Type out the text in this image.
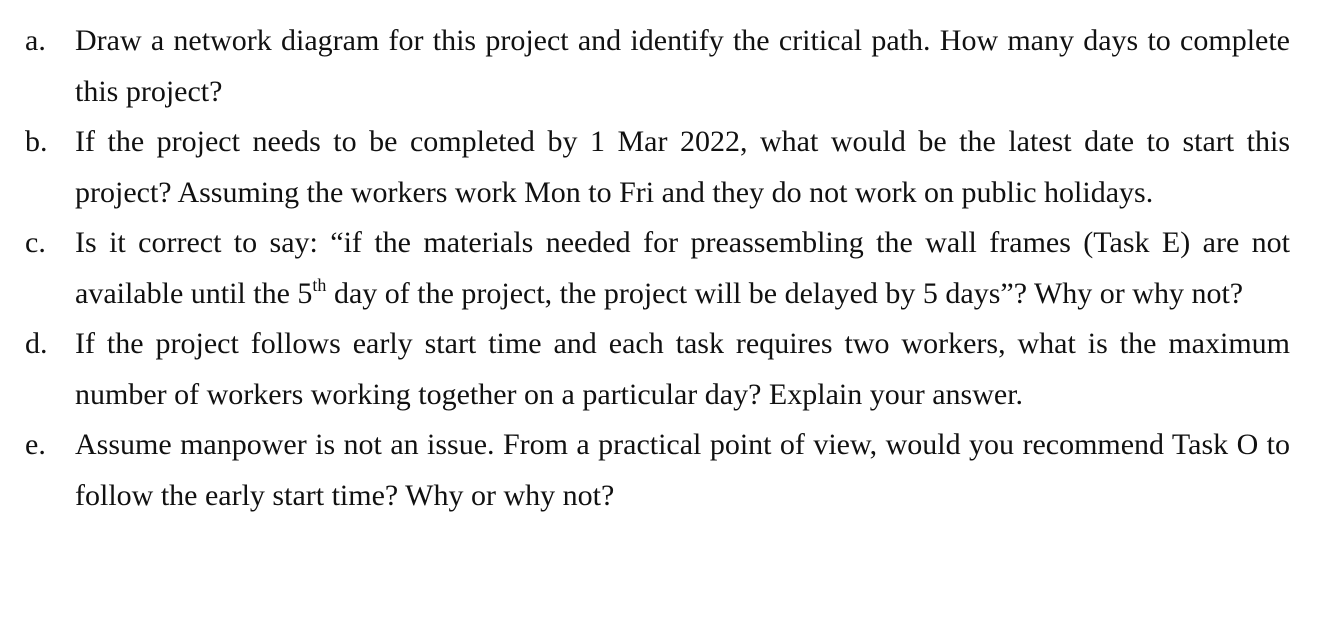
a. Draw a network diagram for this project and identify the critical path. How many days to complete this project?
b. If the project needs to be completed by 1 Mar 2022, what would be the latest date to start this project? Assuming the workers work Mon to Fri and they do not work on public holidays.
c. Is it correct to say: “if the materials needed for preassembling the wall frames (Task E) are not available until the 5th day of the project, the project will be delayed by 5 days”? Why or why not?
d. If the project follows early start time and each task requires two workers, what is the maximum number of workers working together on a particular day? Explain your answer.
e. Assume manpower is not an issue. From a practical point of view, would you recommend Task O to follow the early start time? Why or why not?
